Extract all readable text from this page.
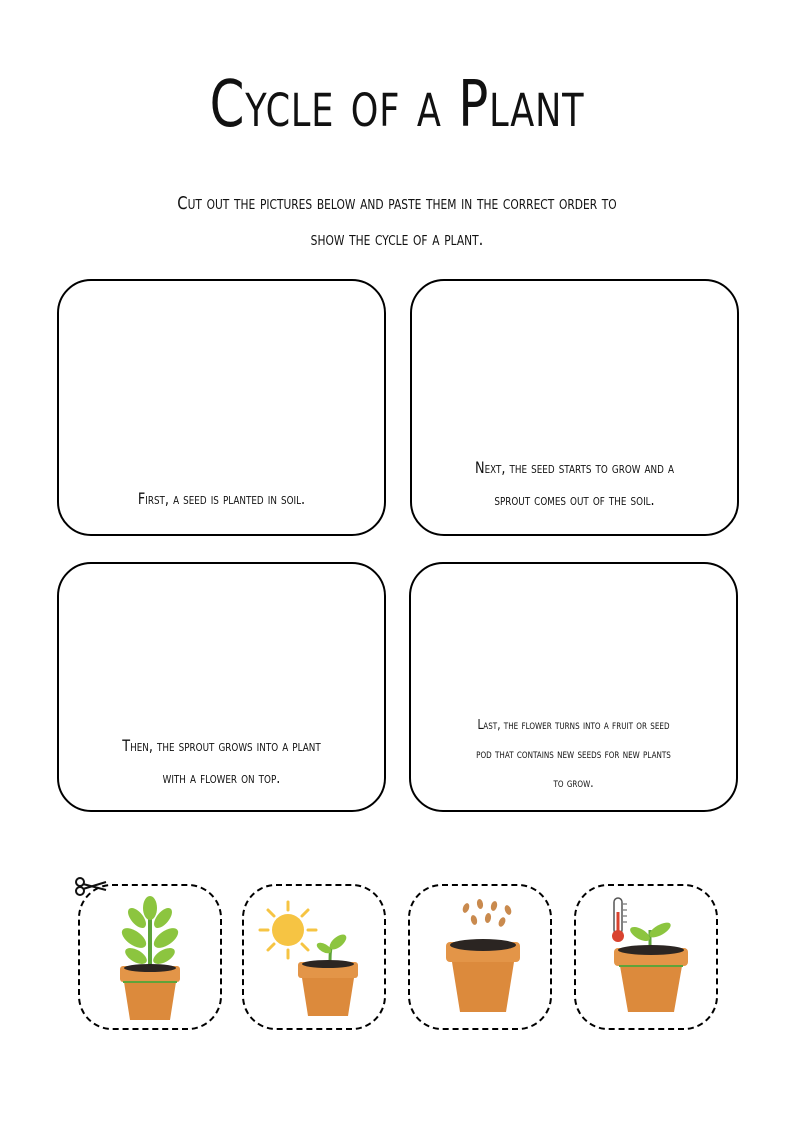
Cycle of a Plant
Cut out the pictures below and paste them in the correct order to
show the cycle of a plant.
First, a seed is planted in soil.
Next, the seed starts to grow and a
sprout comes out of the soil.
Then, the sprout grows into a plant
with a flower on top.
Last, the flower turns into a fruit or seed
pod that contains new seeds for new plants
to grow.
